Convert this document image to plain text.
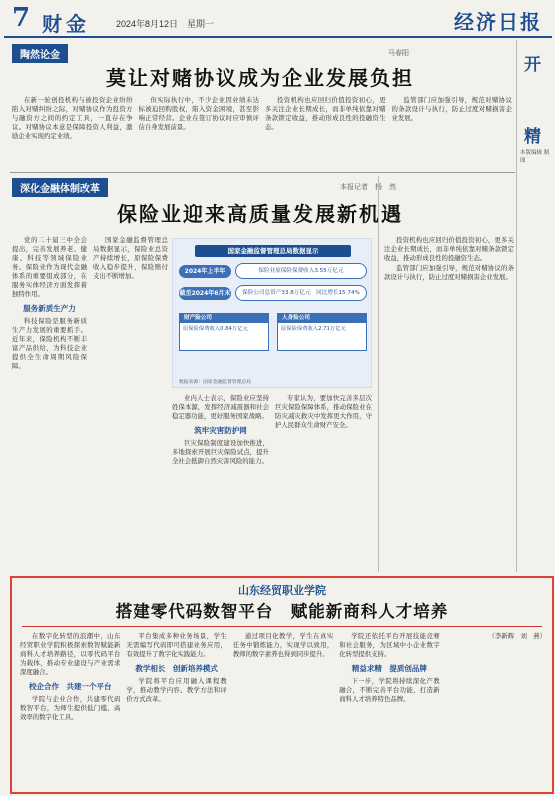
7 财金	2024年8月12日　星期一	经济日报
陶然论金	马春阳
莫让对赌协议成为企业发展负担

在新一轮创投机构与被投资企业纷纷陷入对赌纠纷之际，对赌协议作为投资方与融资方之间的约定工具，一直存在争议。对赌协议本意是保障投资人利益，激励企业实现约定业绩。

但实际执行中，不少企业因业绩未达标被迫回购股权，陷入资金困境，甚至影响正常经营。企业在签订协议时应审慎评估自身发展前景。

投资机构也应回归价值投资初心，更多关注企业长期成长，而非单纯依靠对赌条款锁定收益，推动形成良性的投融资生态。

监管部门应加强引导，规范对赌协议的条款设计与执行，防止过度对赌损害企业发展。

深化金融体制改革	本报记者　杨　然
保险业迎来高质量发展新机遇

党的二十届三中全会提出，完善发展养老、健康、科技等领域保险业务。保险业作为现代金融体系的重要组成部分，在服务实体经济方面发挥着独特作用。

服务新质生产力

科技保险是服务新质生产力发展的重要抓手。近年来，保险机构不断丰富产品供给，为科技企业提供全生命周期风险保障。

国家金融监督管理总局数据显示，保险业总资产持续增长，原保险保费收入稳步提升，保险赔付支出不断增加。

国家金融监督管理总局数据显示
2024年上半年	保险业原保险保费收入3.55万亿元
截至2024年6月末	保险公司总资产33.8万亿元　同比增长15.74%
财产险公司
原保险保费收入0.84万亿元
人身险公司
原保险保费收入2.71万亿元
数据来源：国家金融监督管理总局

业内人士表示，保险业应坚持姓保本源，发挥经济减震器和社会稳定器功能，更好服务国家战略。

筑牢灾害防护网

巨灾保险制度建设加快推进，多地探索开展巨灾保险试点，提升全社会抵御自然灾害风险的能力。

专家认为，要加快完善多层次巨灾保险保障体系，推动保险业在防灾减灾救灾中发挥更大作用，守护人民群众生命财产安全。

投资机构也应回归价值投资初心，更多关注企业长期成长，而非单纯依靠对赌条款锁定收益，推动形成良性的投融资生态。

监管部门应加强引导，规范对赌协议的条款设计与执行，防止过度对赌损害企业发展。

开
精
本版编辑 制图
山东经贸职业学院
搭建零代码数智平台　赋能新商科人才培养

在数字化转型的浪潮中，山东经贸职业学院积极探索数智赋能新商科人才培养路径，以零代码平台为载体，推动专业建设与产业需求深度融合。

校企合作　共建一个平台

学院与企业合作，共建零代码数智平台，为师生提供低门槛、高效率的数字化工具。

平台集成多种业务场景，学生无需编写代码即可搭建业务应用，有效提升了数字化实践能力。

教学相长　创新培养模式

学院将平台应用融入课程教学，推动教学内容、教学方法和评价方式改革。

通过项目化教学，学生在真实任务中锻炼能力，实现学以致用，教师的数字素养也得到同步提升。

学院还依托平台开展技能竞赛和社会服务，为区域中小企业数字化转型提供支持。

精益求精　提质创品牌

下一步，学院将持续深化产教融合，不断完善平台功能，打造新商科人才培养特色品牌。

（李新辉　刘　燕）
